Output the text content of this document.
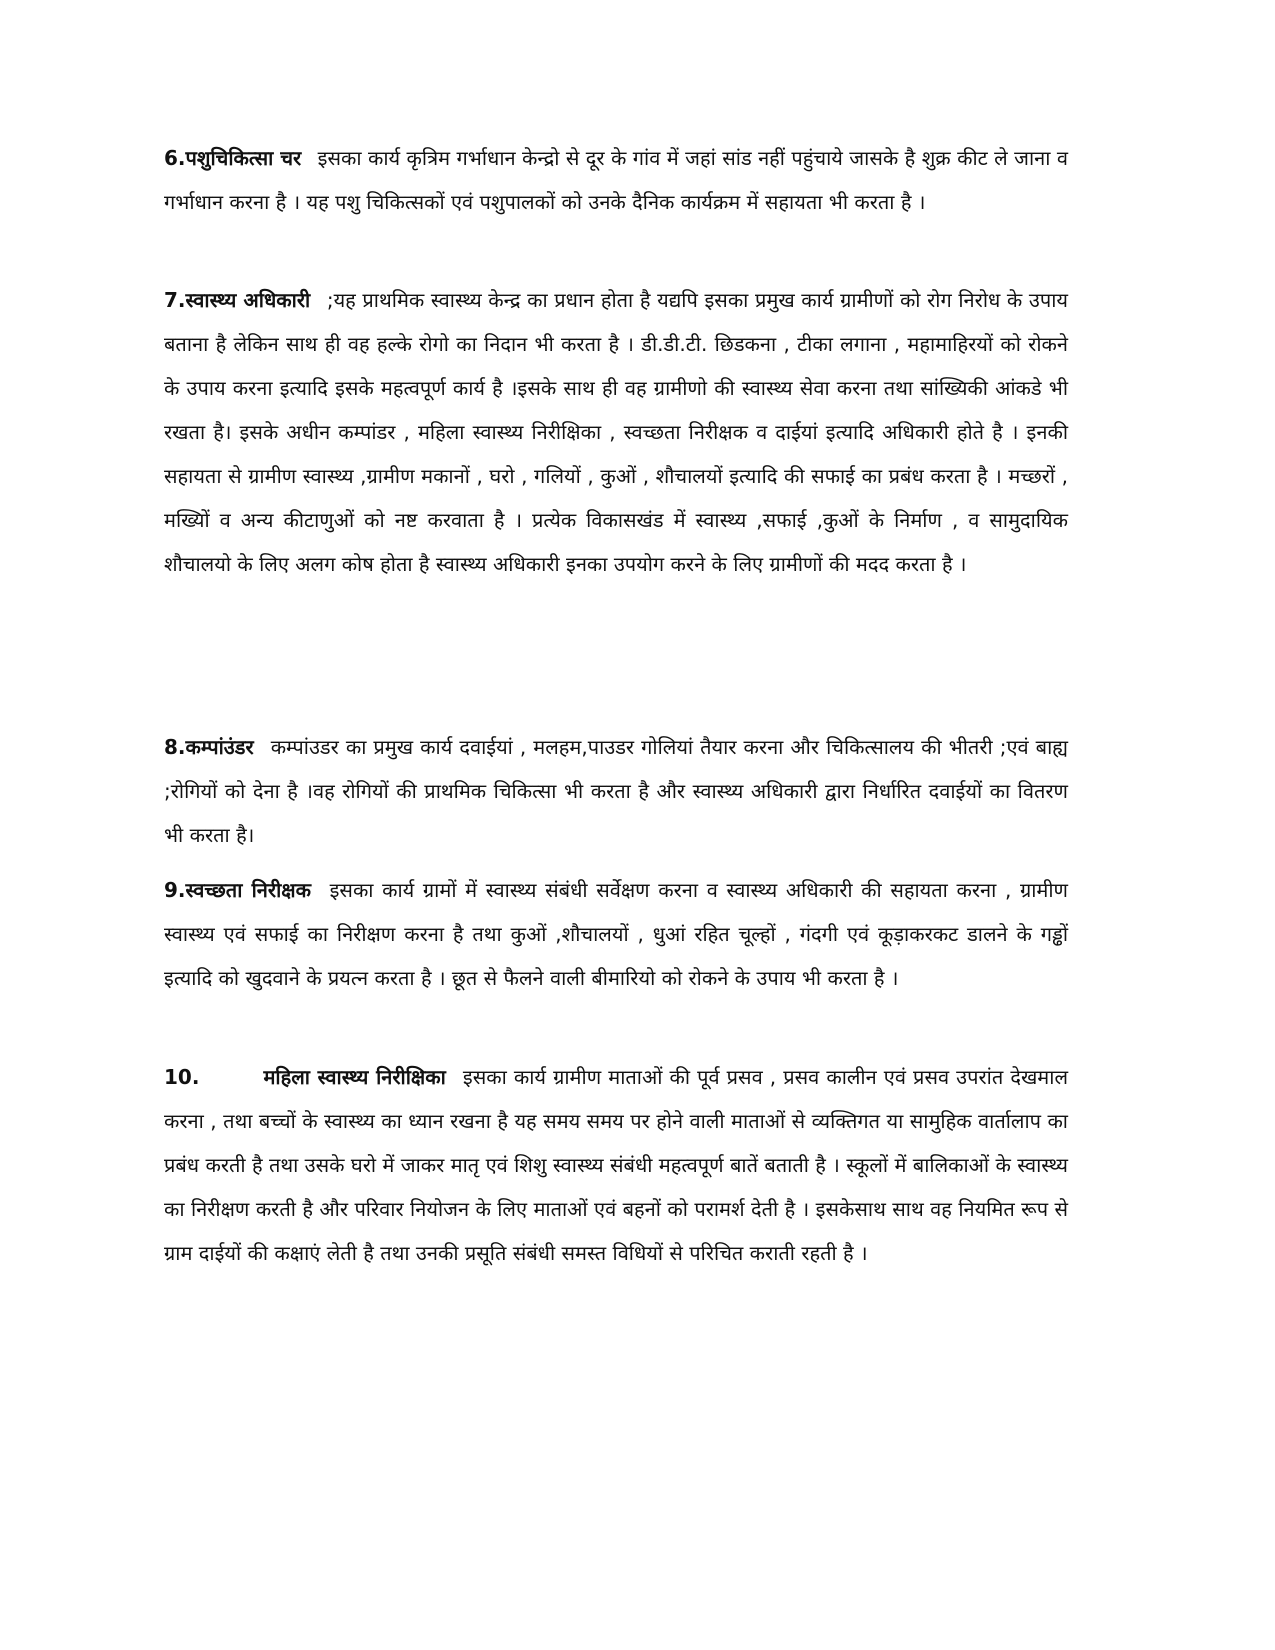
6.पशुचिकित्सा चर इसका कार्य कृत्रिम गर्भाधान केन्द्रो से दूर के गांव में जहां सांड नहीं पहुंचाये जासके है शुक्र कीट ले जाना व गर्भाधान करना है । यह पशु चिकित्सकों एवं पशुपालकों को उनके दैनिक कार्यक्रम में सहायता भी करता है ।
7.स्वास्थ्य अधिकारी ;यह प्राथमिक स्वास्थ्य केन्द्र का प्रधान होता है यद्यपि इसका प्रमुख कार्य ग्रामीणों को रोग निरोध के उपाय बताना है लेकिन साथ ही वह हल्के रोगो का निदान भी करता है । डी.डी.टी. छिडकना , टीका लगाना , महामाहिरयों को रोकने के उपाय करना इत्यादि इसके महत्वपूर्ण कार्य है ।इसके साथ ही वह ग्रामीणो की स्वास्थ्य सेवा करना तथा सांख्यिकी आंकडे भी रखता है। इसके अधीन कम्पांडर , महिला स्वास्थ्य निरीक्षिका , स्वच्छता निरीक्षक व दाईयां इत्यादि अधिकारी होते है । इनकी सहायता से ग्रामीण स्वास्थ्य ,ग्रामीण मकानों , घरो , गलियों , कुओं , शौचालयों इत्यादि की सफाई का प्रबंध करता है । मच्छरों , मख्यिों व अन्य कीटाणुओं को नष्ट करवाता है । प्रत्येक विकासखंड में स्वास्थ्य ,सफाई ,कुओं के निर्माण , व सामुदायिक शौचालयो के लिए अलग कोष होता है स्वास्थ्य अधिकारी इनका उपयोग करने के लिए ग्रामीणों की मदद करता है ।
8.कम्पांउंडर कम्पांउडर का प्रमुख कार्य दवाईयां , मलहम,पाउडर गोलियां तैयार करना और चिकित्सालय की भीतरी ;एवं बाह्य ;रोगियों को देना है ।वह रोगियों की प्राथमिक चिकित्सा भी करता है और स्वास्थ्य अधिकारी द्वारा निर्धारित दवाईयों का वितरण भी करता है।
9.स्वच्छता निरीक्षक इसका कार्य ग्रामों में स्वास्थ्य संबंधी सर्वेक्षण करना व स्वास्थ्य अधिकारी की सहायता करना , ग्रामीण स्वास्थ्य एवं सफाई का निरीक्षण करना है तथा कुओं ,शौचालयों , धुआं रहित चूल्हों , गंदगी एवं कूड़ाकरकट डालने के गड्ढों इत्यादि को खुदवाने के प्रयत्न करता है । छूत से फैलने वाली बीमारियो को रोकने के उपाय भी करता है ।
10.	महिला स्वास्थ्य निरीक्षिका इसका कार्य ग्रामीण माताओं की पूर्व प्रसव , प्रसव कालीन एवं प्रसव उपरांत देखमाल करना , तथा बच्चों के स्वास्थ्य का ध्यान रखना है यह समय समय पर होने वाली माताओं से व्यक्तिगत या सामुहिक वार्तालाप का प्रबंध करती है तथा उसके घरो में जाकर मातृ एवं शिशु स्वास्थ्य संबंधी महत्वपूर्ण बातें बताती है । स्कूलों में बालिकाओं के स्वास्थ्य का निरीक्षण करती है और परिवार नियोजन के लिए माताओं एवं बहनों को परामर्श देती है । इसकेसाथ साथ वह नियमित रूप से ग्राम दाईयों की कक्षाएं लेती है तथा उनकी प्रसूति संबंधी समस्त विधियों से परिचित कराती रहती है ।
